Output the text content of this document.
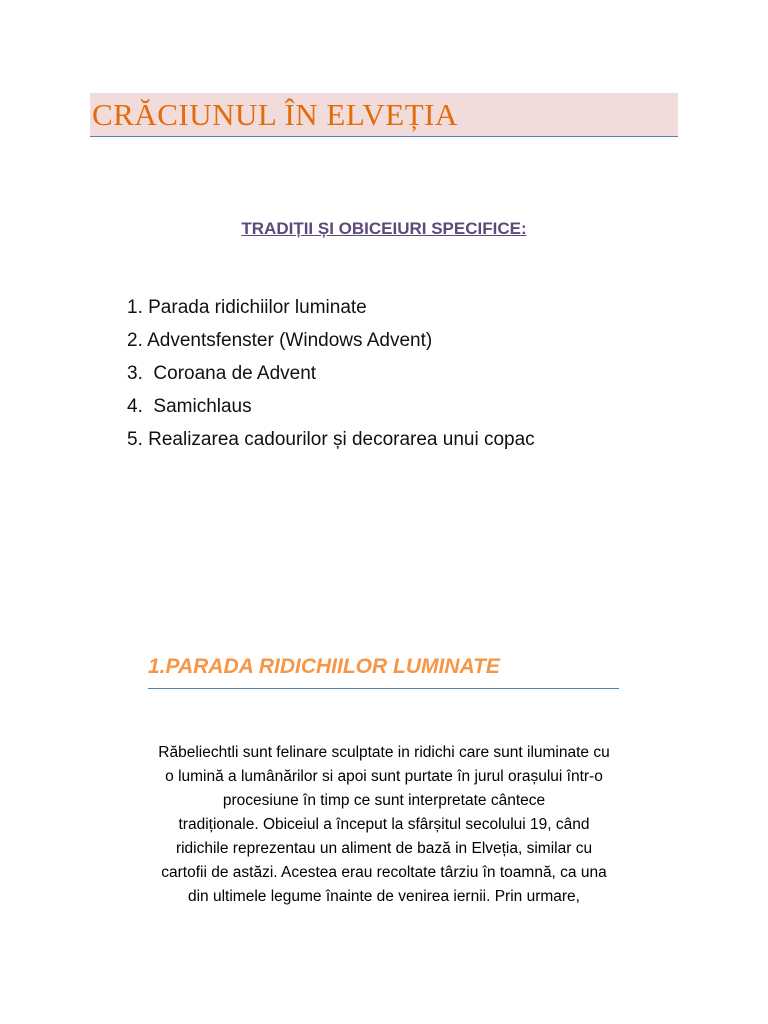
CRĂCIUNUL ÎN ELVEȚIA
TRADIȚII ȘI OBICEIURI SPECIFICE:
1. Parada ridichiilor luminate
2. Adventsfenster (Windows Advent)
3.  Coroana de Advent
4.  Samichlaus
5. Realizarea cadourilor și decorarea unui copac
1.PARADA RIDICHIILOR LUMINATE
Răbeliechtli sunt felinare sculptate in ridichi care sunt iluminate cu
o lumină a lumânărilor si apoi sunt purtate în jurul orașului într-o
procesiune în timp ce sunt interpretate cântece
tradiționale. Obiceiul a început la sfârșitul secolului 19, când
ridichile reprezentau un aliment de bază in Elveția, similar cu
cartofii de astăzi. Acestea erau recoltate târziu în toamnă, ca una
din ultimele legume înainte de venirea iernii. Prin urmare,
